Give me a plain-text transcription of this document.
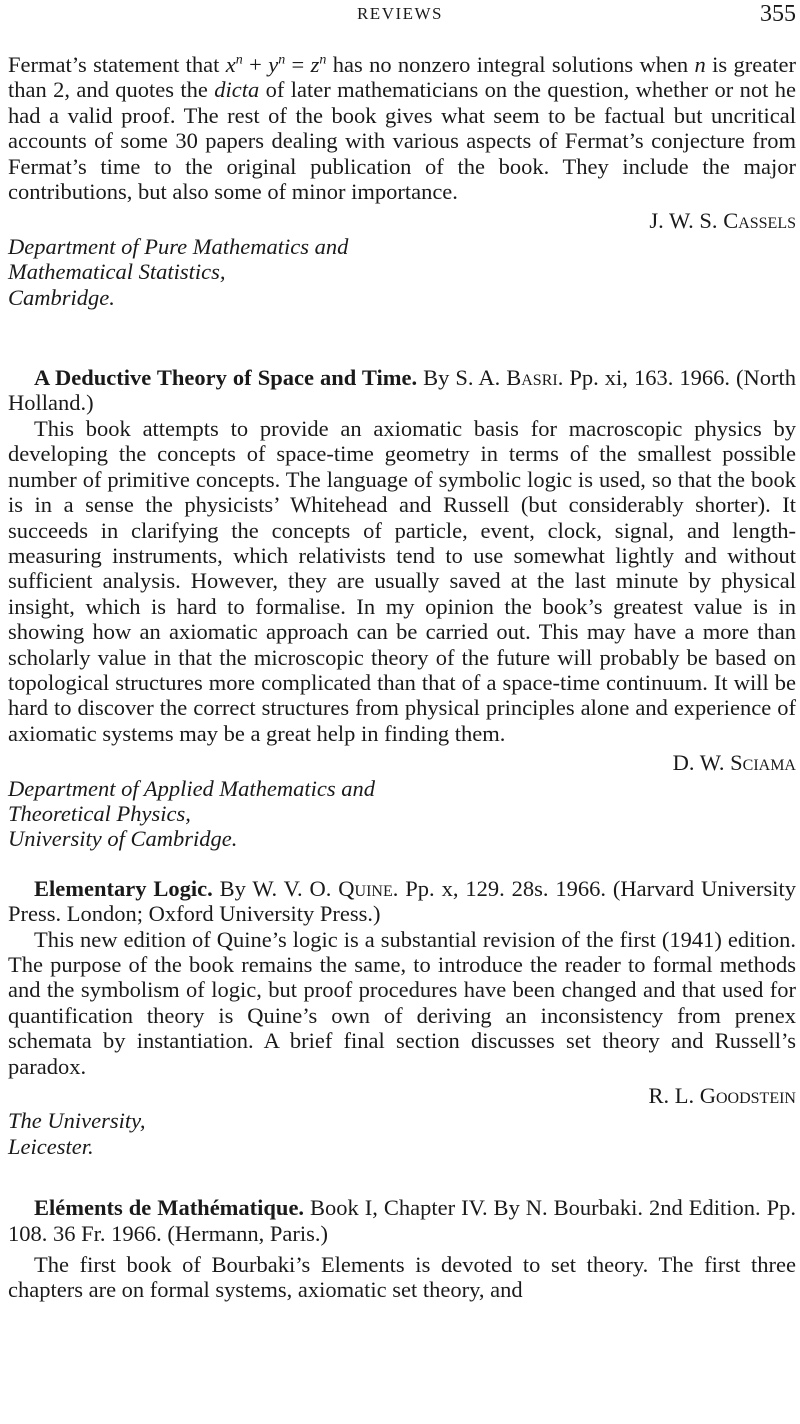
REVIEWS	355

Fermat’s statement that $x^n + y^n = z^n$ has no nonzero integral solutions when n is greater than 2, and quotes the dicta of later mathematicians on the question, whether or not he had a valid proof. The rest of the book gives what seem to be factual but uncritical accounts of some 30 papers dealing with various aspects of Fermat’s conjecture from Fermat’s time to the original publication of the book. They include the major contributions, but also some of minor importance.

J. W. S. Cassels
Department of Pure Mathematics and
Mathematical Statistics,
Cambridge.
A Deductive Theory of Space and Time. By S. A. Basri. Pp. xi, 163. 1966. (North Holland.)

This book attempts to provide an axiomatic basis for macroscopic physics by developing the concepts of space-time geometry in terms of the smallest possible number of primitive concepts. The language of symbolic logic is used, so that the book is in a sense the physicists’ Whitehead and Russell (but considerably shorter). It succeeds in clarifying the concepts of particle, event, clock, signal, and length-measuring instruments, which relativists tend to use somewhat lightly and without sufficient analysis. However, they are usually saved at the last minute by physical insight, which is hard to formalise. In my opinion the book’s greatest value is in showing how an axiomatic approach can be carried out. This may have a more than scholarly value in that the microscopic theory of the future will probably be based on topological structures more complicated than that of a space-time continuum. It will be hard to discover the correct structures from physical principles alone and experience of axiomatic systems may be a great help in finding them.

D. W. Sciama
Department of Applied Mathematics and
Theoretical Physics,
University of Cambridge.
Elementary Logic. By W. V. O. Quine. Pp. x, 129. 28s. 1966. (Harvard University Press. London; Oxford University Press.)

This new edition of Quine’s logic is a substantial revision of the first (1941) edition. The purpose of the book remains the same, to introduce the reader to formal methods and the symbolism of logic, but proof procedures have been changed and that used for quantification theory is Quine’s own of deriving an inconsistency from prenex schemata by instantiation. A brief final section discusses set theory and Russell’s paradox.

R. L. Goodstein
The University,
Leicester.
Eléments de Mathématique. Book I, Chapter IV. By N. Bourbaki. 2nd Edition. Pp. 108. 36 Fr. 1966. (Hermann, Paris.)

The first book of Bourbaki’s Elements is devoted to set theory. The first three chapters are on formal systems, axiomatic set theory, and
